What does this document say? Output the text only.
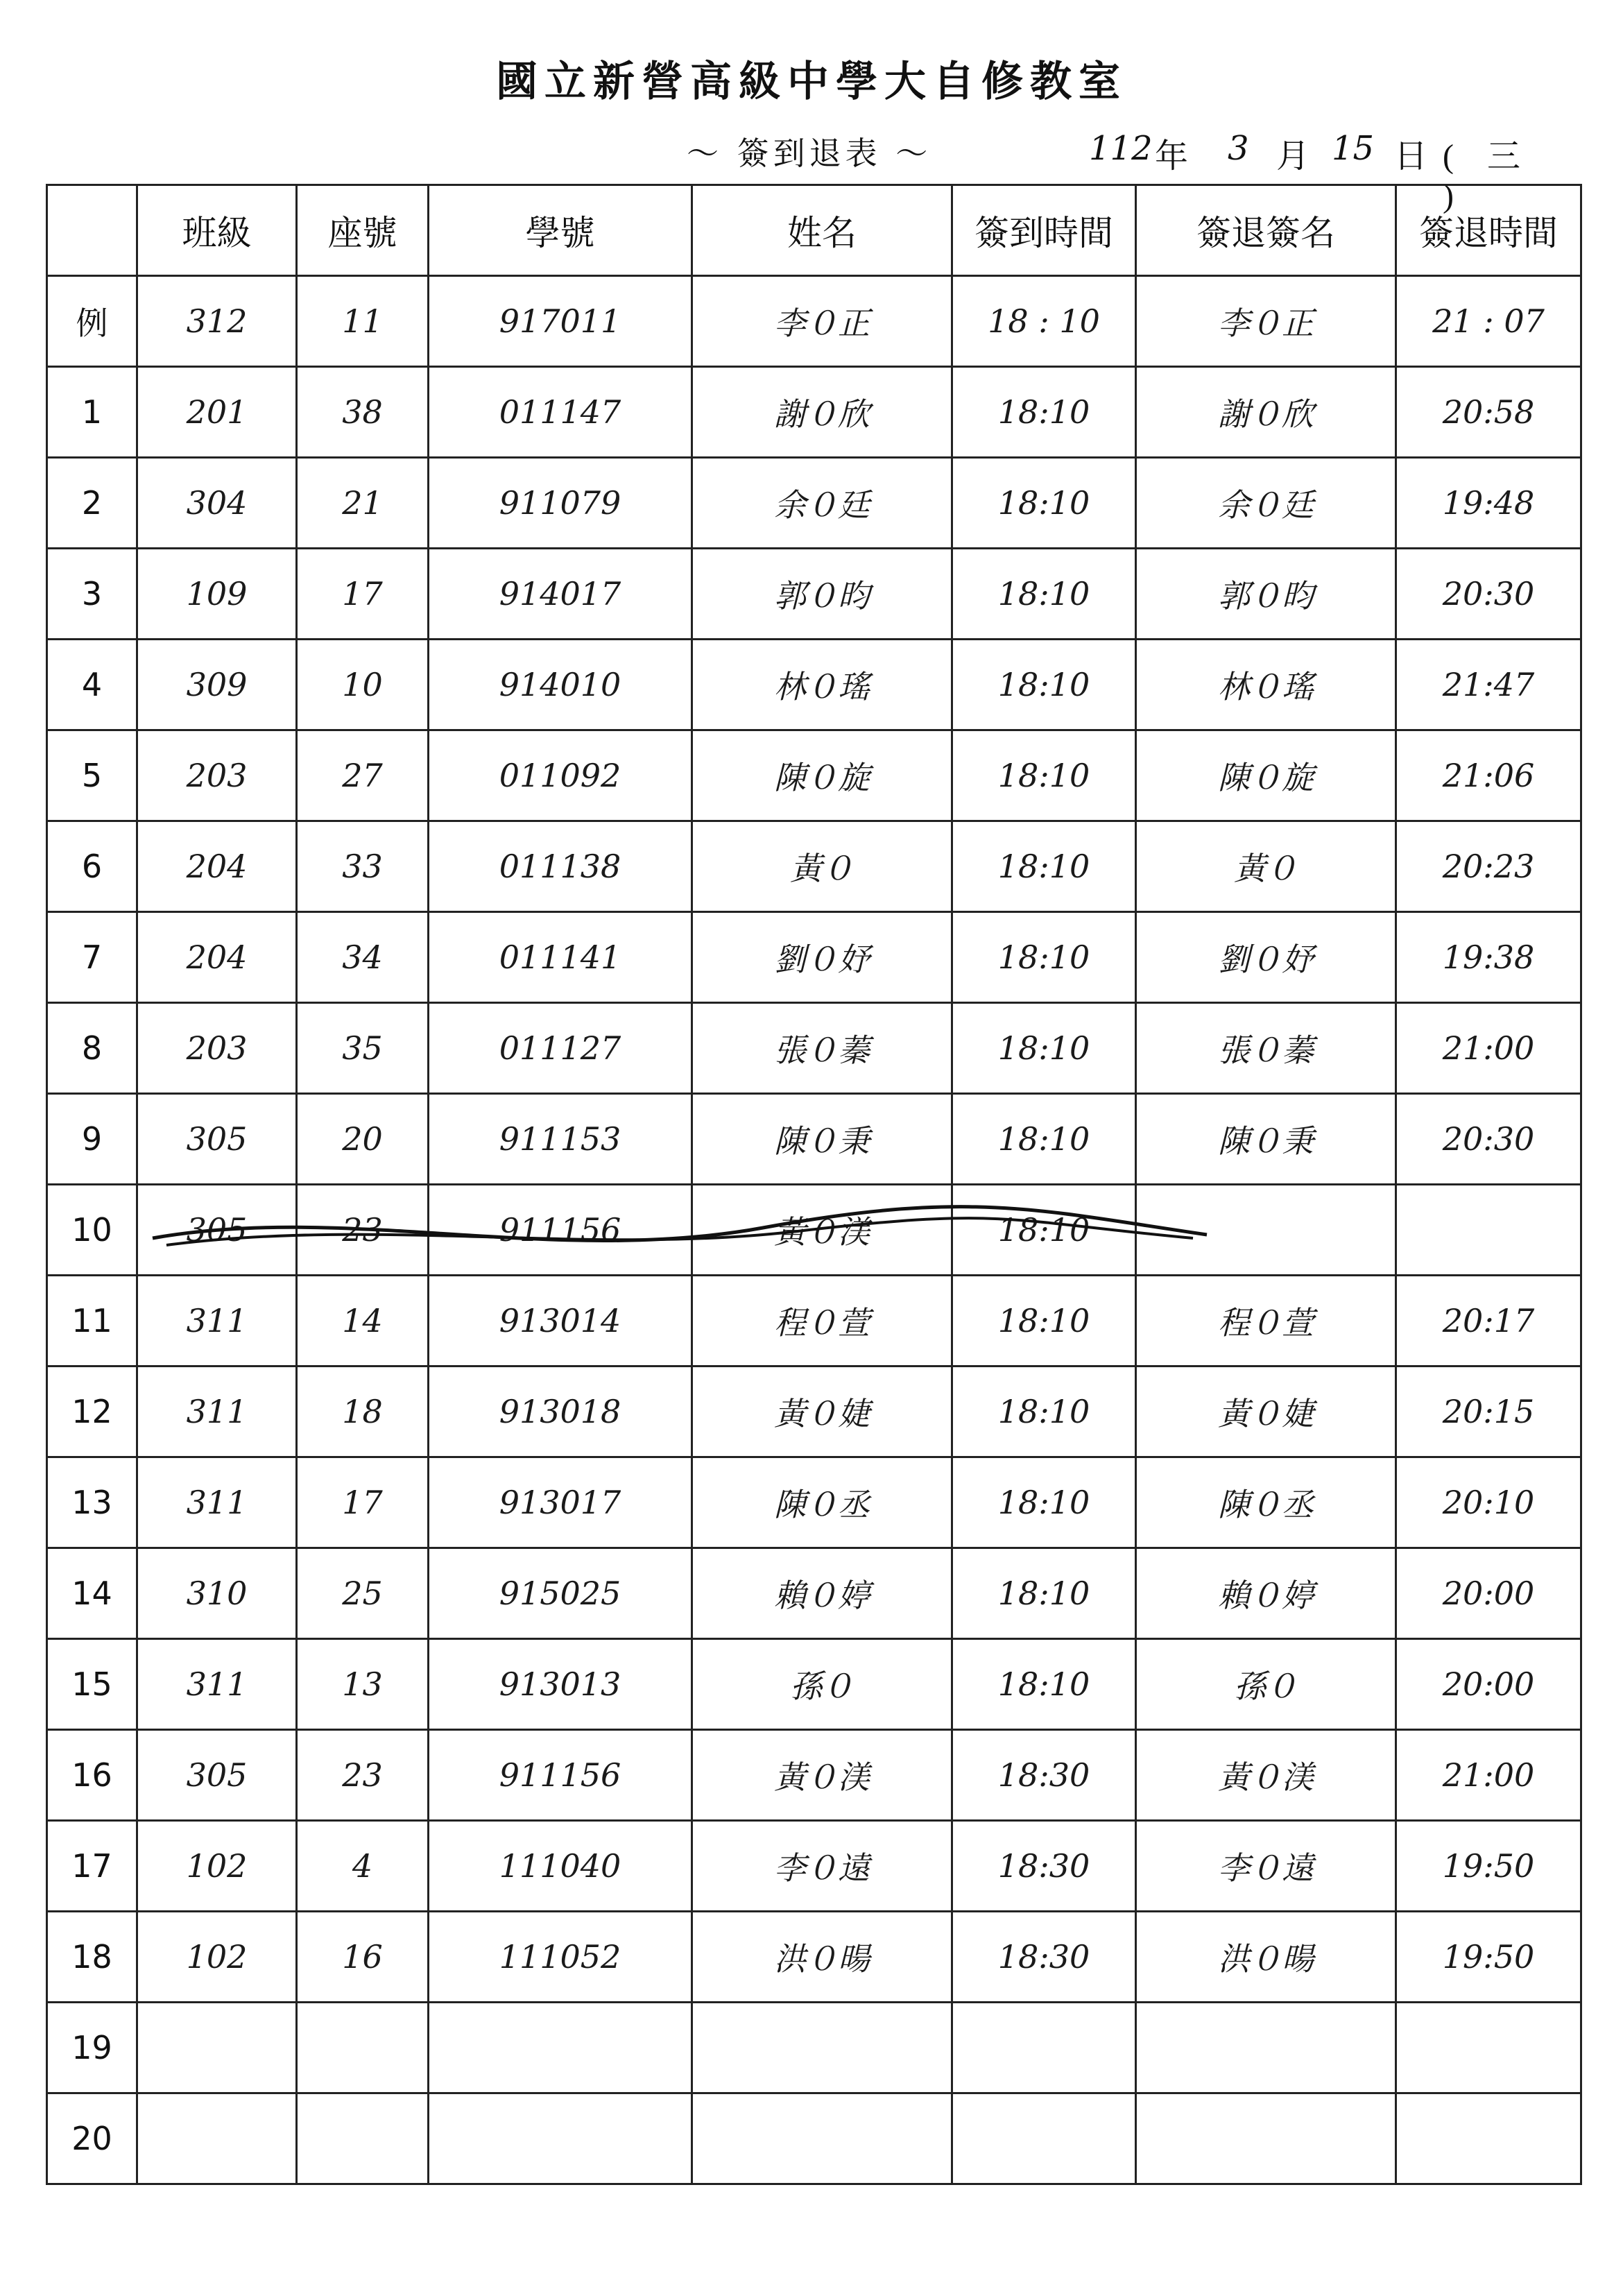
國立新營高級中學大自修教室
～ 簽到退表 ～	112 年 3 月 15 日 ( 三 )
	班級	座號	學號	姓名	簽到時間	簽退簽名	簽退時間
例	312	11	917011	李０正	18 : 10	李０正	21 : 07
1	201	38	011147	謝０欣	18:10	謝０欣	20:58
2	304	21	911079	余０廷	18:10	余０廷	19:48
3	109	17	914017	郭０昀	18:10	郭０昀	20:30
4	309	10	914010	林０瑤	18:10	林０瑤	21:47
5	203	27	011092	陳０旋	18:10	陳０旋	21:06
6	204	33	011138	黃０	18:10	黃０	20:23
7	204	34	011141	劉０妤	18:10	劉０妤	19:38
8	203	35	011127	張０蓁	18:10	張０蓁	21:00
9	305	20	911153	陳０秉	18:10	陳０秉	20:30
10	305	23	911156	黃０渼	18:10		
11	311	14	913014	程０萱	18:10	程０萱	20:17
12	311	18	913018	黃０婕	18:10	黃０婕	20:15
13	311	17	913017	陳０丞	18:10	陳０丞	20:10
14	310	25	915025	賴０婷	18:10	賴０婷	20:00
15	311	13	913013	孫０	18:10	孫０	20:00
16	305	23	911156	黃０渼	18:30	黃０渼	21:00
17	102	4	111040	李０遠	18:30	李０遠	19:50
18	102	16	111052	洪０暘	18:30	洪０暘	19:50
19							
20							
